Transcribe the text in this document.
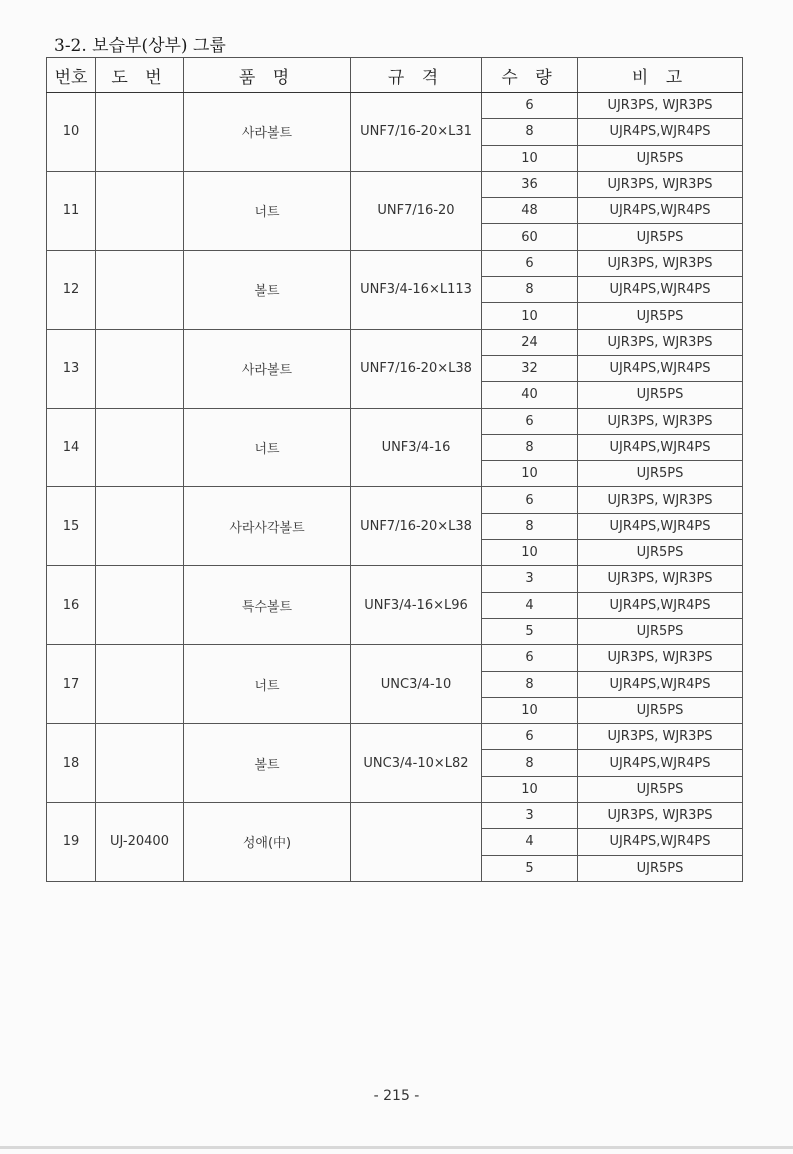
3-2. 보습부(상부) 그룹
번호	도 번	품 명	규 격	수 량	비 고
10		사라볼트	UNF7/16-20×L31	6	UJR3PS, WJR3PS
				8	UJR4PS,WJR4PS
				10	UJR5PS
11		너트	UNF7/16-20	36	UJR3PS, WJR3PS
				48	UJR4PS,WJR4PS
				60	UJR5PS
12		볼트	UNF3/4-16×L113	6	UJR3PS, WJR3PS
				8	UJR4PS,WJR4PS
				10	UJR5PS
13		사라볼트	UNF7/16-20×L38	24	UJR3PS, WJR3PS
				32	UJR4PS,WJR4PS
				40	UJR5PS
14		너트	UNF3/4-16	6	UJR3PS, WJR3PS
				8	UJR4PS,WJR4PS
				10	UJR5PS
15		사라사각볼트	UNF7/16-20×L38	6	UJR3PS, WJR3PS
				8	UJR4PS,WJR4PS
				10	UJR5PS
16		특수볼트	UNF3/4-16×L96	3	UJR3PS, WJR3PS
				4	UJR4PS,WJR4PS
				5	UJR5PS
17		너트	UNC3/4-10	6	UJR3PS, WJR3PS
				8	UJR4PS,WJR4PS
				10	UJR5PS
18		볼트	UNC3/4-10×L82	6	UJR3PS, WJR3PS
				8	UJR4PS,WJR4PS
				10	UJR5PS
19	UJ-20400	성애(中)		3	UJR3PS, WJR3PS
				4	UJR4PS,WJR4PS
				5	UJR5PS
- 215 -
